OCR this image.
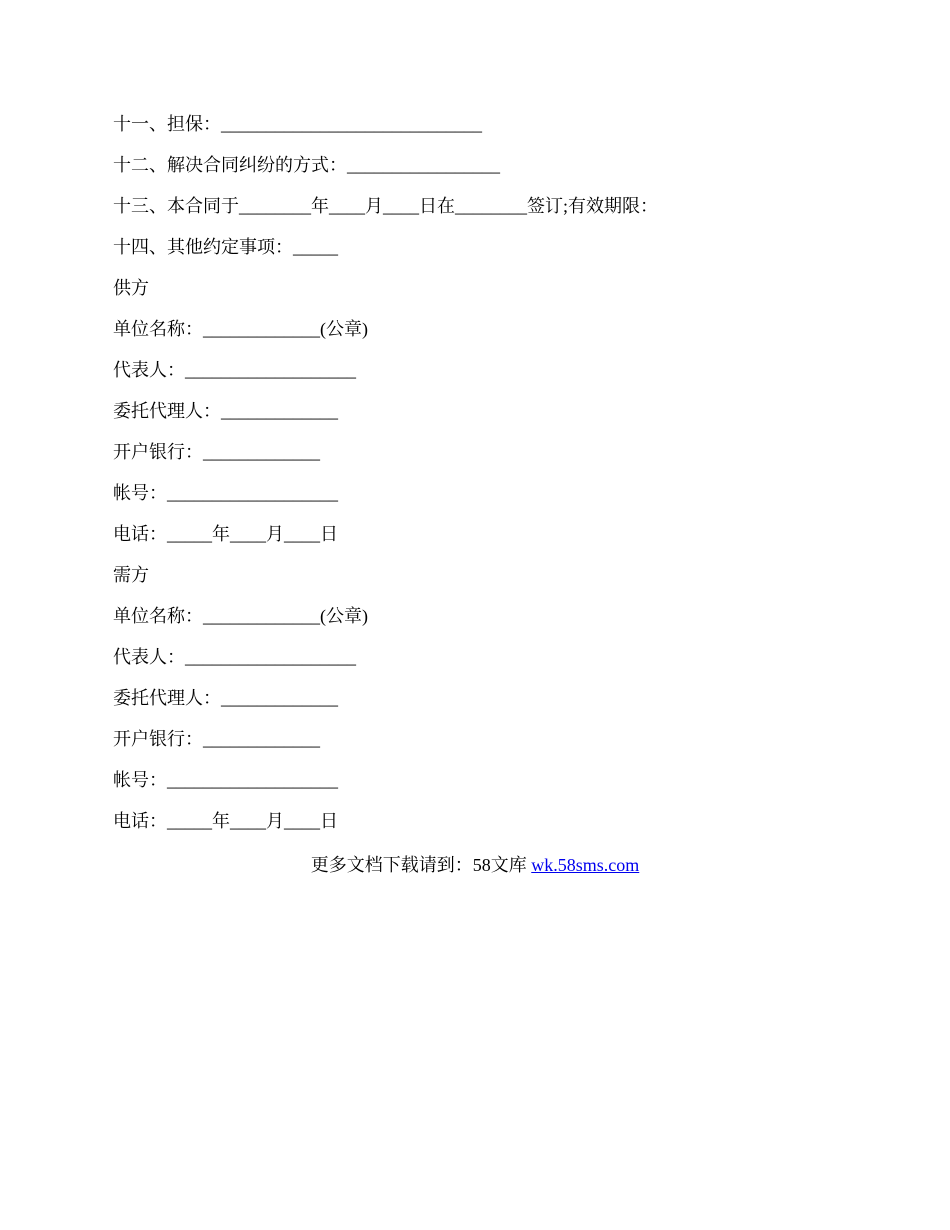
十一、担保：_____________________________
十二、解决合同纠纷的方式：_________________
十三、本合同于________年____月____日在________签订;有效期限：
十四、其他约定事项：_____
供方
单位名称：_____________(公章)
代表人：___________________
委托代理人：_____________
开户银行：_____________
帐号：___________________
电话：_____年____月____日
需方
单位名称：_____________(公章)
代表人：___________________
委托代理人：_____________
开户银行：_____________
帐号：___________________
电话：_____年____月____日
更多文档下载请到：58文库 wk.58sms.com
